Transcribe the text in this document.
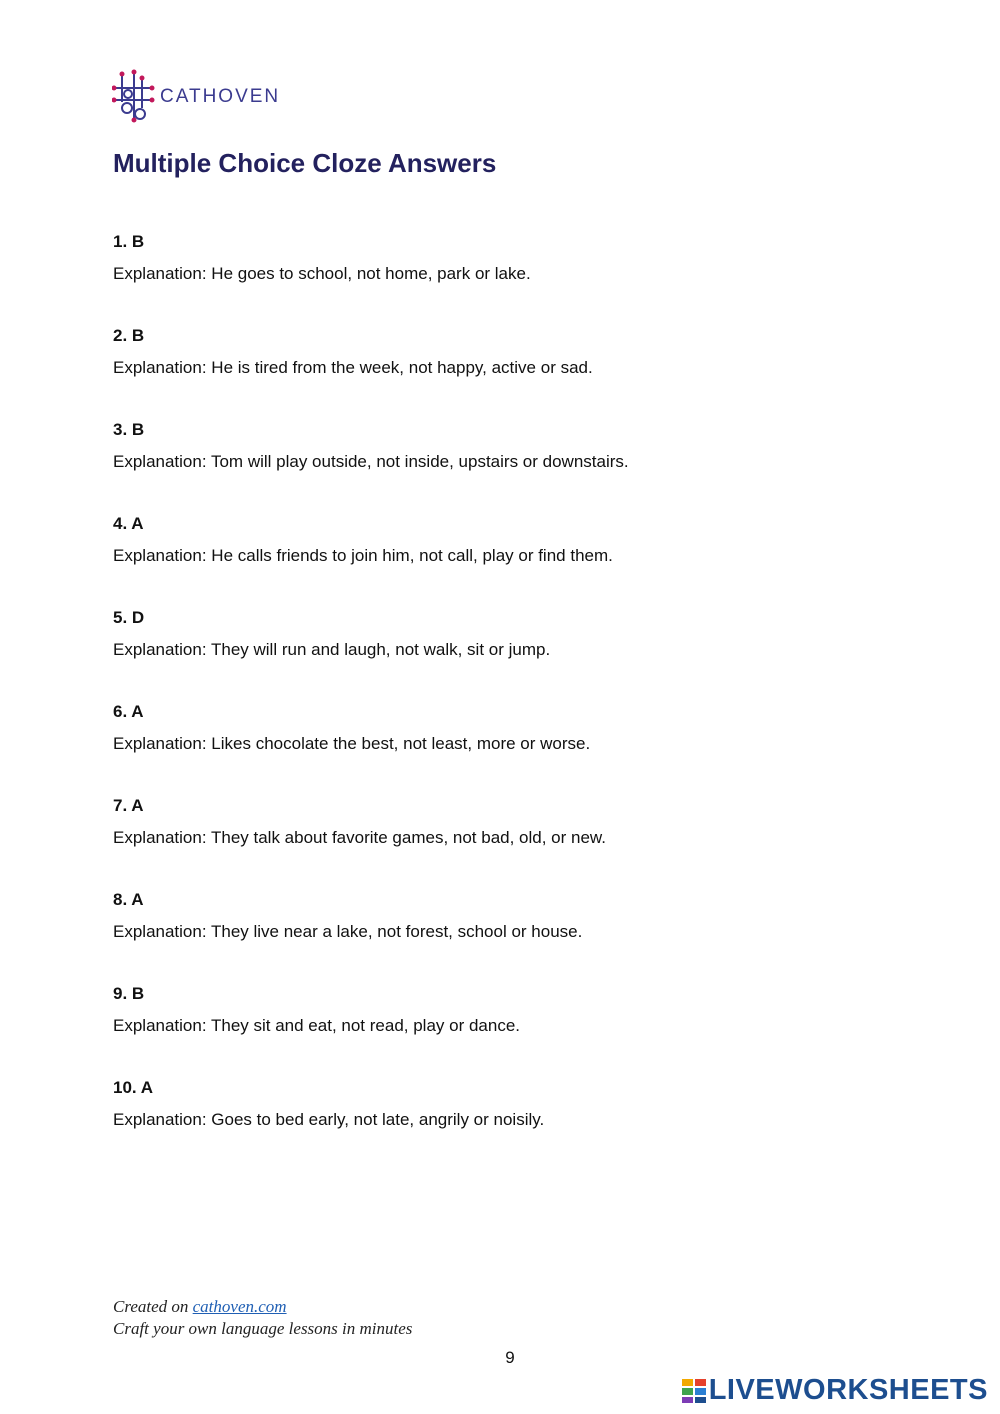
CATHOVEN
Multiple Choice Cloze Answers

1. B

Explanation: He goes to school, not home, park or lake.

2. B

Explanation: He is tired from the week, not happy, active or sad.

3. B

Explanation: Tom will play outside, not inside, upstairs or downstairs.

4. A

Explanation: He calls friends to join him, not call, play or find them.

5. D

Explanation: They will run and laugh, not walk, sit or jump.

6. A

Explanation: Likes chocolate the best, not least, more or worse.

7. A

Explanation: They talk about favorite games, not bad, old, or new.

8. A

Explanation: They live near a lake, not forest, school or house.

9. B

Explanation: They sit and eat, not read, play or dance.

10. A

Explanation: Goes to bed early, not late, angrily or noisily.

Created on cathoven.com
Craft your own language lessons in minutes
9
LIVEWORKSHEETS
